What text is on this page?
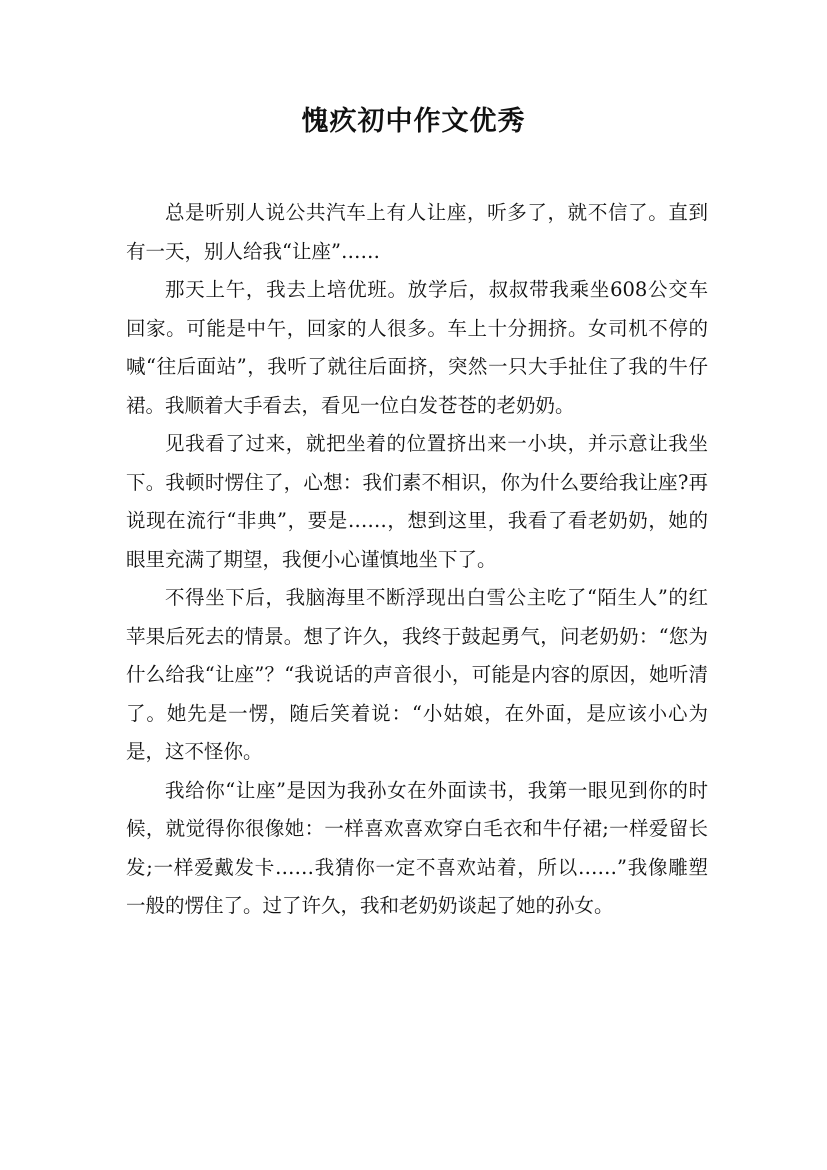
愧疚初中作文优秀

总是听别人说公共汽车上有人让座，听多了，就不信了。直到有一天，别人给我“让座”……

那天上午，我去上培优班。放学后，叔叔带我乘坐608公交车回家。可能是中午，回家的人很多。车上十分拥挤。女司机不停的喊“往后面站”，我听了就往后面挤，突然一只大手扯住了我的牛仔裙。我顺着大手看去，看见一位白发苍苍的老奶奶。

见我看了过来，就把坐着的位置挤出来一小块，并示意让我坐下。我顿时愣住了，心想：我们素不相识，你为什么要给我让座?再说现在流行“非典”，要是……，想到这里，我看了看老奶奶，她的眼里充满了期望，我便小心谨慎地坐下了。

不得坐下后，我脑海里不断浮现出白雪公主吃了“陌生人”的红苹果后死去的情景。想了许久，我终于鼓起勇气，问老奶奶：“您为什么给我“让座”？“我说话的声音很小，可能是内容的原因，她听清了。她先是一愣，随后笑着说：“小姑娘，在外面，是应该小心为是，这不怪你。

我给你“让座”是因为我孙女在外面读书，我第一眼见到你的时候，就觉得你很像她：一样喜欢喜欢穿白毛衣和牛仔裙;一样爱留长发;一样爱戴发卡……我猜你一定不喜欢站着，所以……”我像雕塑一般的愣住了。过了许久，我和老奶奶谈起了她的孙女。
